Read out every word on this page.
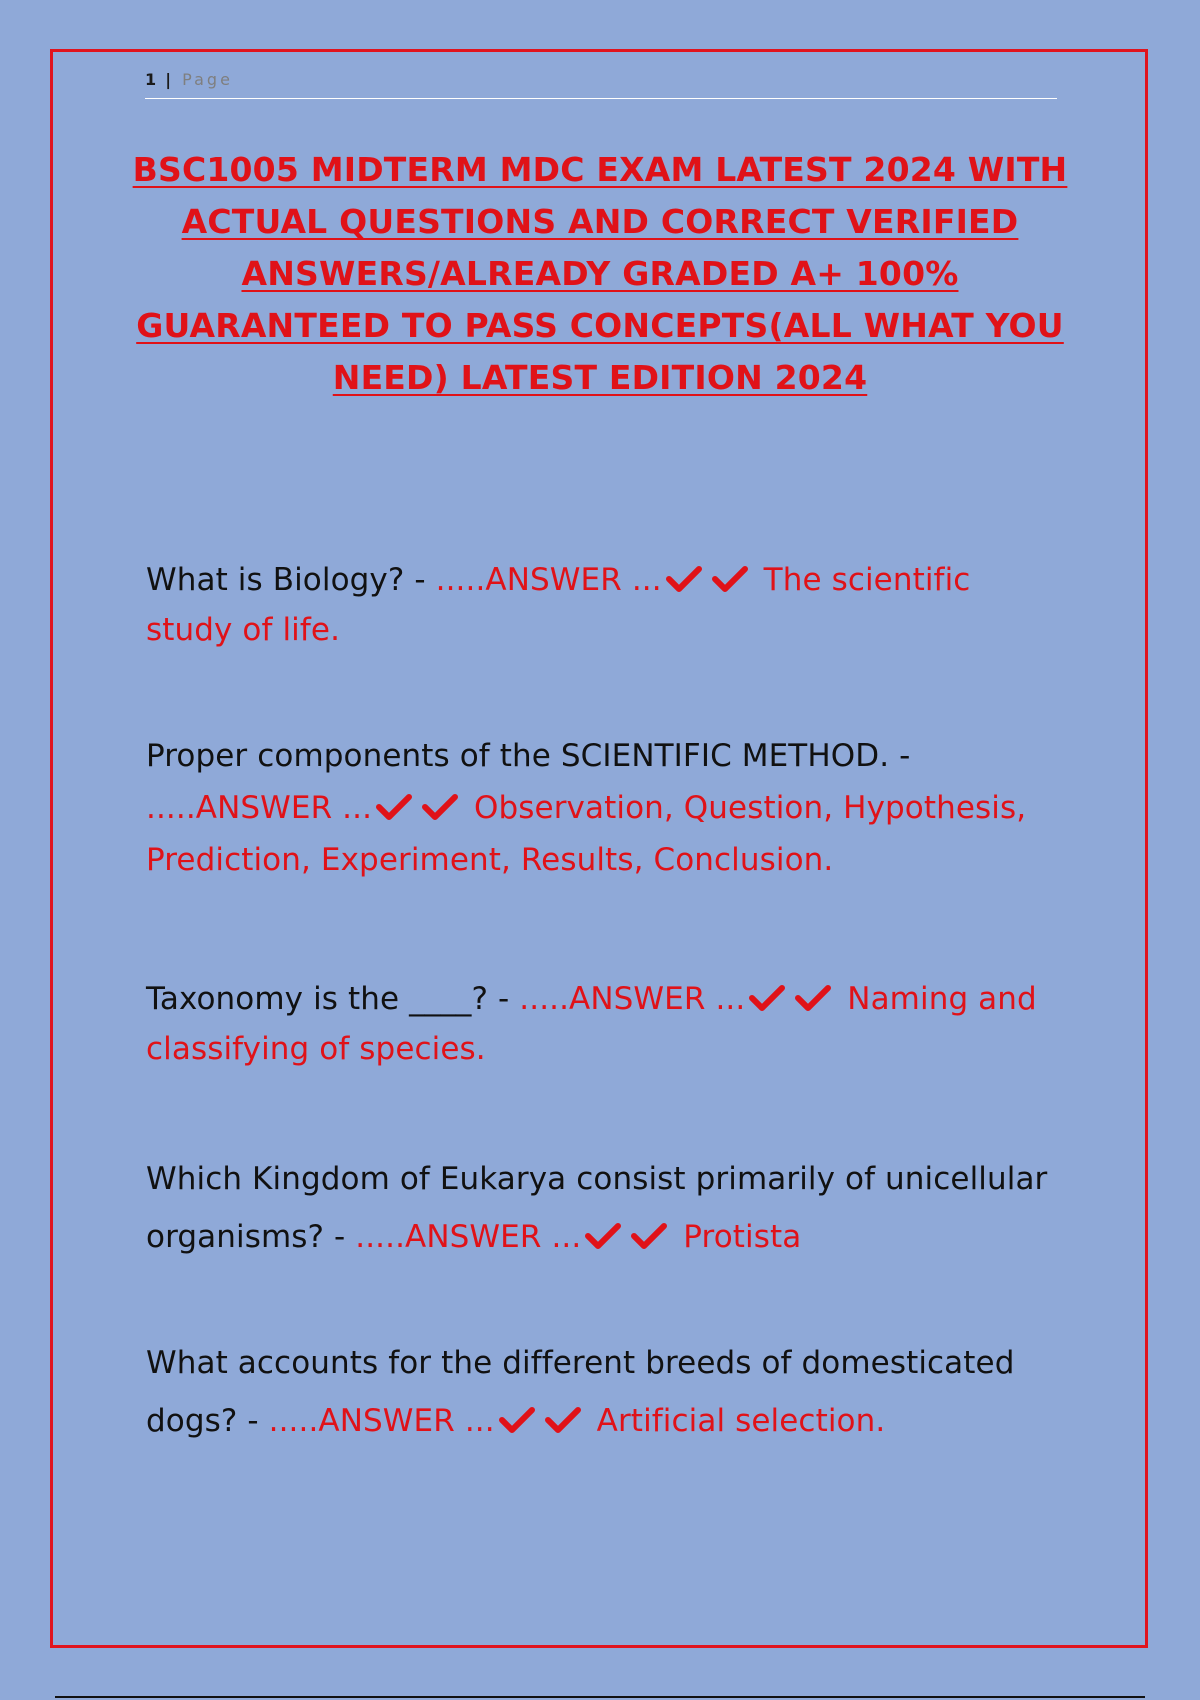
1 | Page
BSC1005 MIDTERM MDC EXAM LATEST 2024 WITH ACTUAL QUESTIONS AND CORRECT VERIFIED ANSWERS/ALREADY GRADED A+ 100% GUARANTEED TO PASS CONCEPTS(ALL WHAT YOU NEED) LATEST EDITION 2024
What is Biology? - .....ANSWER ...	The scientific study of life.
Proper components of the SCIENTIFIC METHOD. - .....ANSWER ...	Observation, Question, Hypothesis, Prediction, Experiment, Results, Conclusion.
Taxonomy is the ____? - .....ANSWER ...	Naming and classifying of species.
Which Kingdom of Eukarya consist primarily of unicellular organisms? - .....ANSWER ...	Protista
What accounts for the different breeds of domesticated dogs? - .....ANSWER ...	Artificial selection.
